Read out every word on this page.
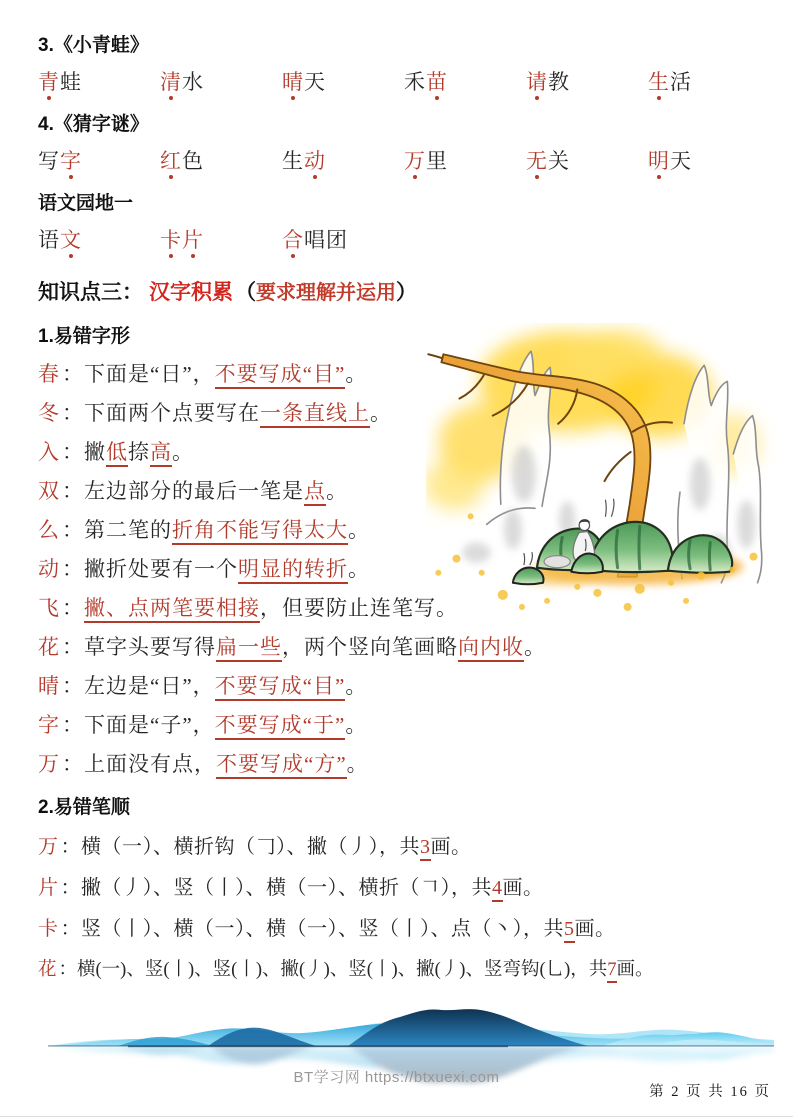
3.《小青蛙》
青蛙	清水	晴天	禾苗	请教	生活
4.《猜字谜》
写字	红色	生动	万里	无关	明天
语文园地一
语文	卡片	合唱团
知识点三： 汉字积累（要求理解并运用）
1.易错字形
春：下面是“日”，不要写成“目”。
冬：下面两个点要写在一条直线上。
入：撇低捺高。
双：左边部分的最后一笔是点。
么：第二笔的折角不能写得太大。
动：撇折处要有一个明显的转折。
飞：撇、点两笔要相接，但要防止连笔写。
花：草字头要写得扁一些，两个竖向笔画略向内收。
晴：左边是“日”，不要写成“目”。
字：下面是“子”，不要写成“于”。
万：上面没有点，不要写成“方”。
2.易错笔顺
万 ：横（一）、横折钩（𠃌）、撇（丿），共3画。
片 ：撇（丿）、竖（丨）、横（一）、横折（𠃍），共4画。
卡 ：竖（丨）、横（一）、横（一）、竖（丨）、点（丶），共5画。
花 ：横(一)、竖(丨)、竖(丨)、撇(丿)、竖(丨)、撇(丿)、竖弯钩(乚)，共7画。
BT学习网 https://btxuexi.com
第 2 页 共 16 页
